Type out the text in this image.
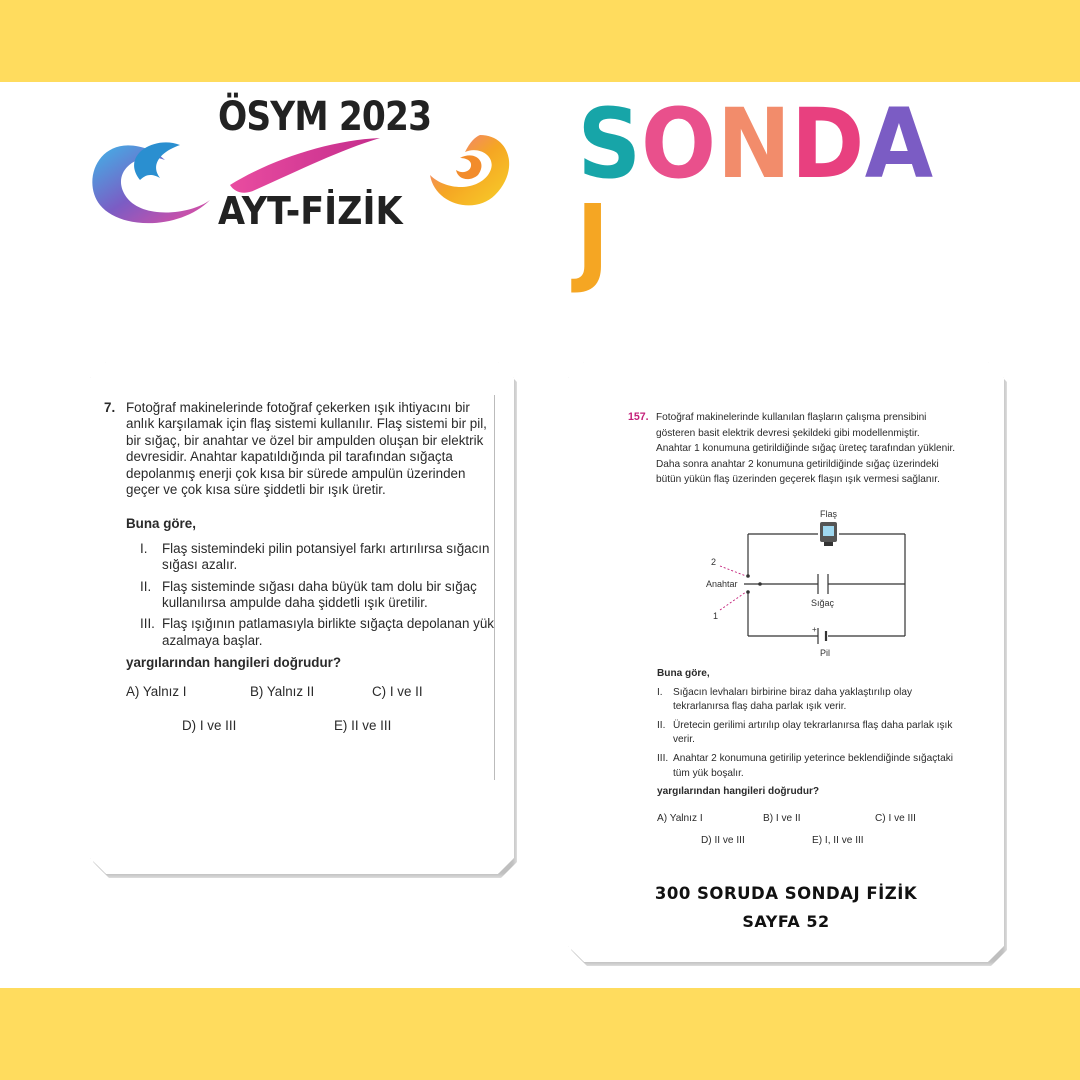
ÖSYM 2023
AYT-FİZİK
SONDAJ
7. Fotoğraf makinelerinde fotoğraf çekerken ışık ihtiyacını bir anlık karşılamak için flaş sistemi kullanılır. Flaş sistemi bir pil, bir sığaç, bir anahtar ve özel bir ampulden oluşan bir elektrik devresidir. Anahtar kapatıldığında pil tarafından sığaçta depolanmış enerji çok kısa bir sürede ampulün üzerinden geçer ve çok kısa süre şiddetli bir ışık üretir.
Buna göre,
I. Flaş sistemindeki pilin potansiyel farkı artırılırsa sığacın sığası azalır.
II. Flaş sisteminde sığası daha büyük tam dolu bir sığaç kullanılırsa ampulde daha şiddetli ışık üretilir.
III. Flaş ışığının patlamasıyla birlikte sığaçta depolanan yük azalmaya başlar.
yargılarından hangileri doğrudur?
A) Yalnız I	B) Yalnız II	C) I ve II
D) I ve III	E) II ve III
157. Fotoğraf makinelerinde kullanılan flaşların çalışma prensibini gösteren basit elektrik devresi şekildeki gibi modellenmiştir. Anahtar 1 konumuna getirildiğinde sığaç üreteç tarafından yüklenir. Daha sonra anahtar 2 konumuna getirildiğinde sığaç üzerindeki bütün yükün flaş üzerinden geçerek flaşın ışık vermesi sağlanır.
Flaş
2
Anahtar
1
Sığaç
+
Pil
Buna göre,
I. Sığacın levhaları birbirine biraz daha yaklaştırılıp olay tekrarlanırsa flaş daha parlak ışık verir.
II. Üretecin gerilimi artırılıp olay tekrarlanırsa flaş daha parlak ışık verir.
III. Anahtar 2 konumuna getirilip yeterince beklendiğinde sığaçtaki tüm yük boşalır.
yargılarından hangileri doğrudur?
A) Yalnız I	B) I ve II	C) I ve III
D) II ve III	E) I, II ve III
300 SORUDA SONDAJ FİZİK
SAYFA 52
